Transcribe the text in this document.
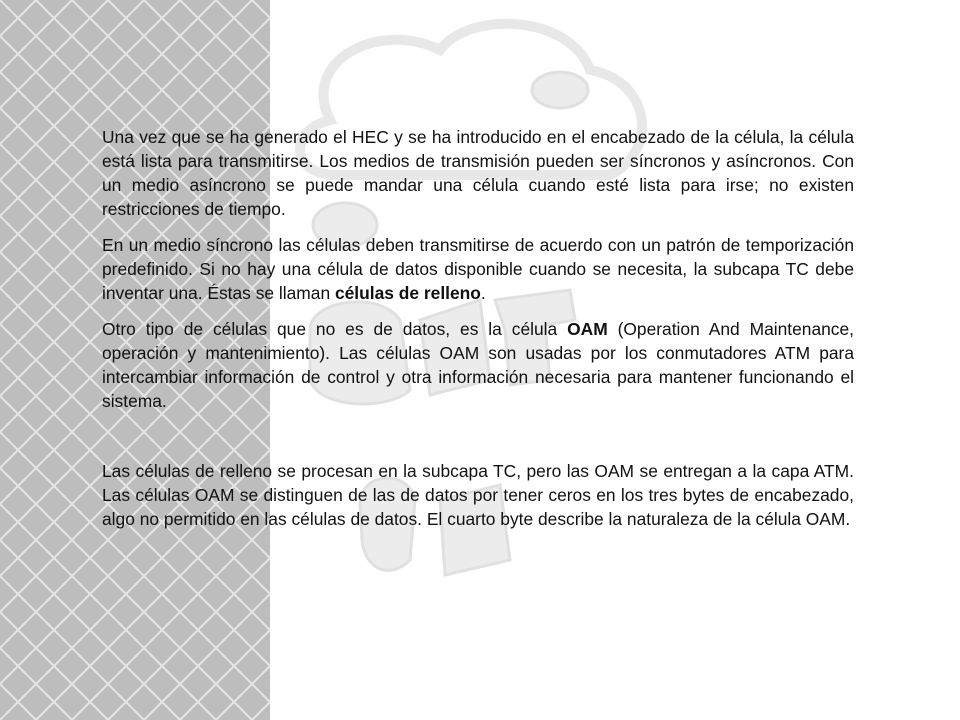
Una vez que se ha generado el HEC y se ha introducido en el encabezado de la célula, la célula está lista para transmitirse. Los medios de transmisión pueden ser síncronos y asíncronos. Con un medio asíncrono se puede mandar una célula cuando esté lista para irse; no existen restricciones de tiempo.

En un medio síncrono las células deben transmitirse de acuerdo con un patrón de temporización predefinido. Si no hay una célula de datos disponible cuando se necesita, la subcapa TC debe inventar una. Éstas se llaman células de relleno.

Otro tipo de células que no es de datos, es la célula OAM (Operation And Maintenance, operación y mantenimiento). Las células OAM son usadas por los conmutadores ATM para intercambiar información de control y otra información necesaria para mantener funcionando el sistema.

Las células de relleno se procesan en la subcapa TC, pero las OAM se entregan a la capa ATM. Las células OAM se distinguen de las de datos por tener ceros en los tres bytes de encabezado, algo no permitido en las células de datos. El cuarto byte describe la naturaleza de la célula OAM.
